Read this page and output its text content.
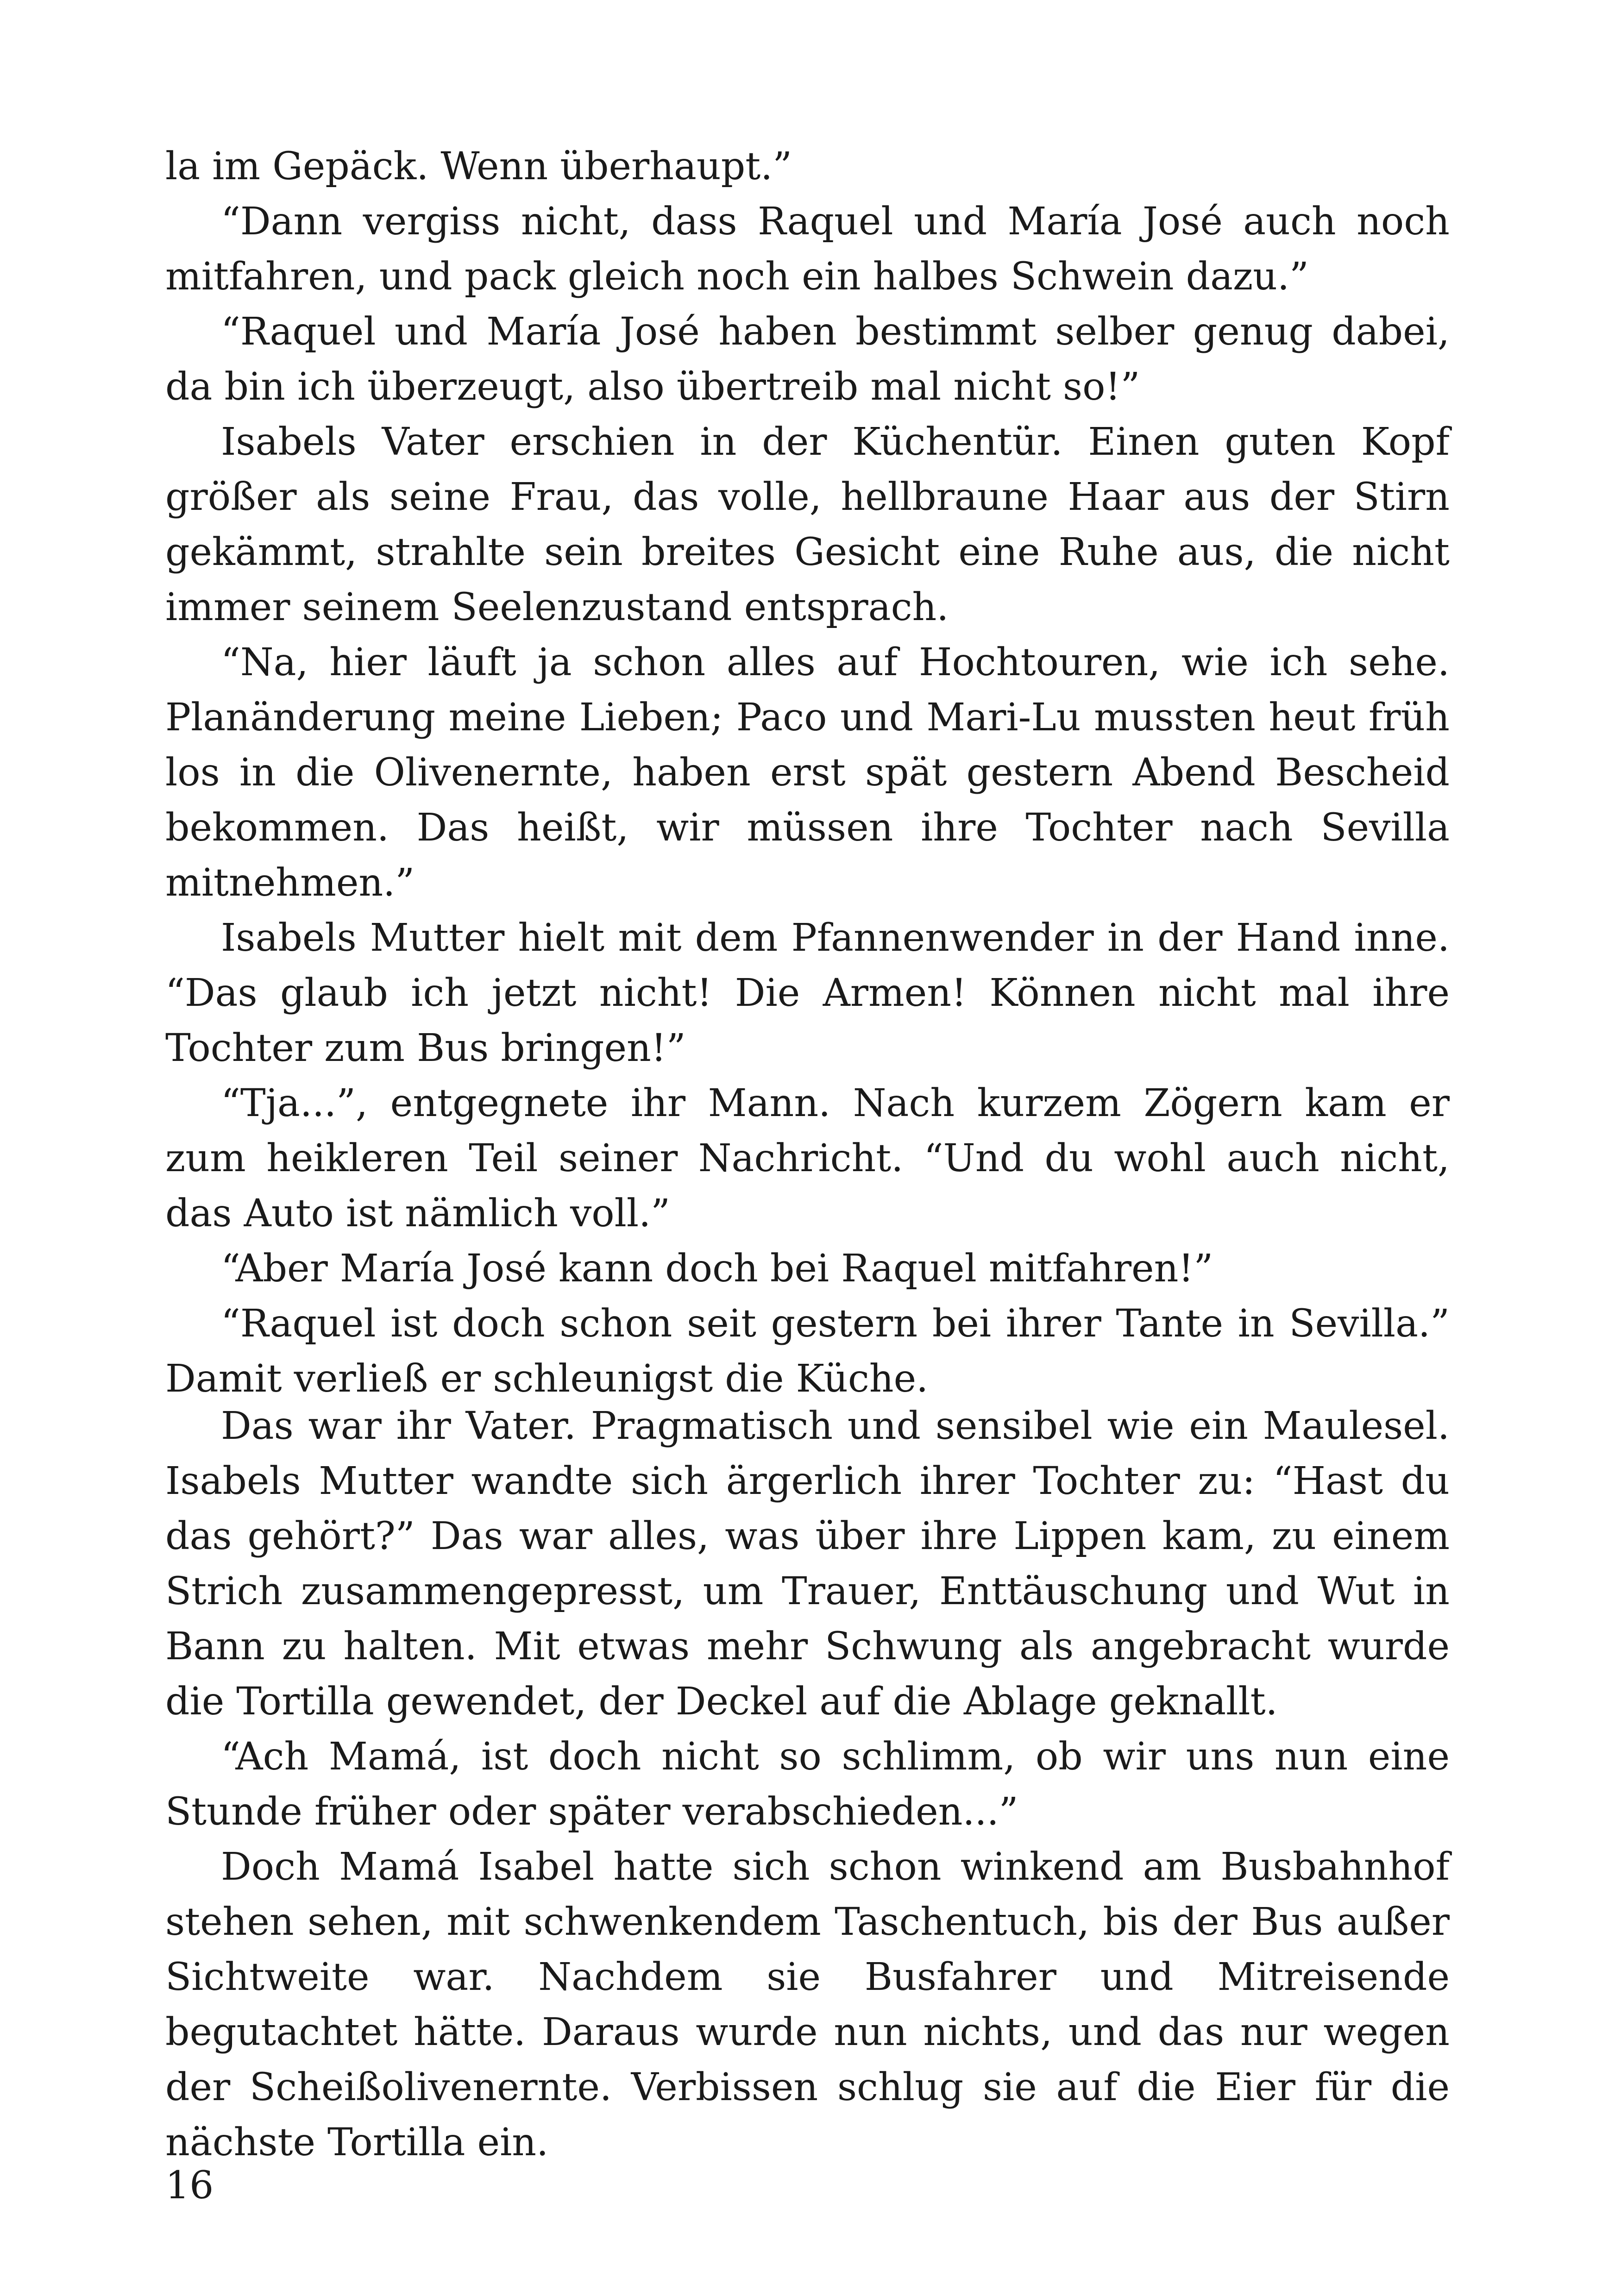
la im Gepäck. Wenn überhaupt.”

“Dann vergiss nicht, dass Raquel und María José auch noch mitfahren, und pack gleich noch ein halbes Schwein dazu.”

“Raquel und María José haben bestimmt selber genug dabei, da bin ich überzeugt, also übertreib mal nicht so!”

Isabels Vater erschien in der Küchentür. Einen guten Kopf größer als seine Frau, das volle, hellbraune Haar aus der Stirn gekämmt, strahlte sein breites Gesicht eine Ruhe aus, die nicht immer seinem Seelenzustand entsprach.

“Na, hier läuft ja schon alles auf Hochtouren, wie ich sehe. Planänderung meine Lieben; Paco und Mari-Lu mussten heut früh los in die Olivenernte, haben erst spät gestern Abend Bescheid bekommen. Das heißt, wir müssen ihre Tochter nach Sevilla mitnehmen.”

Isabels Mutter hielt mit dem Pfannenwender in der Hand inne. “Das glaub ich jetzt nicht! Die Armen! Können nicht mal ihre Tochter zum Bus bringen!”

“Tja...”, entgegnete ihr Mann. Nach kurzem Zögern kam er zum heikleren Teil seiner Nachricht. “Und du wohl auch nicht, das Auto ist nämlich voll.”

“Aber María José kann doch bei Raquel mitfahren!”

“Raquel ist doch schon seit gestern bei ihrer Tante in Sevilla.” Damit verließ er schleunigst die Küche.

Das war ihr Vater. Pragmatisch und sensibel wie ein Maulesel. Isabels Mutter wandte sich ärgerlich ihrer Tochter zu: “Hast du das gehört?” Das war alles, was über ihre Lippen kam, zu einem Strich zusammengepresst, um Trauer, Enttäuschung und Wut in Bann zu halten. Mit etwas mehr Schwung als angebracht wurde die Tortilla gewendet, der Deckel auf die Ablage geknallt.

“Ach Mamá, ist doch nicht so schlimm, ob wir uns nun eine Stunde früher oder später verabschieden...”

Doch Mamá Isabel hatte sich schon winkend am Busbahnhof stehen sehen, mit schwenkendem Taschentuch, bis der Bus außer Sichtweite war. Nachdem sie Busfahrer und Mitreisende begutachtet hätte. Daraus wurde nun nichts, und das nur wegen der Scheißolivenernte. Verbissen schlug sie auf die Eier für die nächste Tortilla ein.

16
